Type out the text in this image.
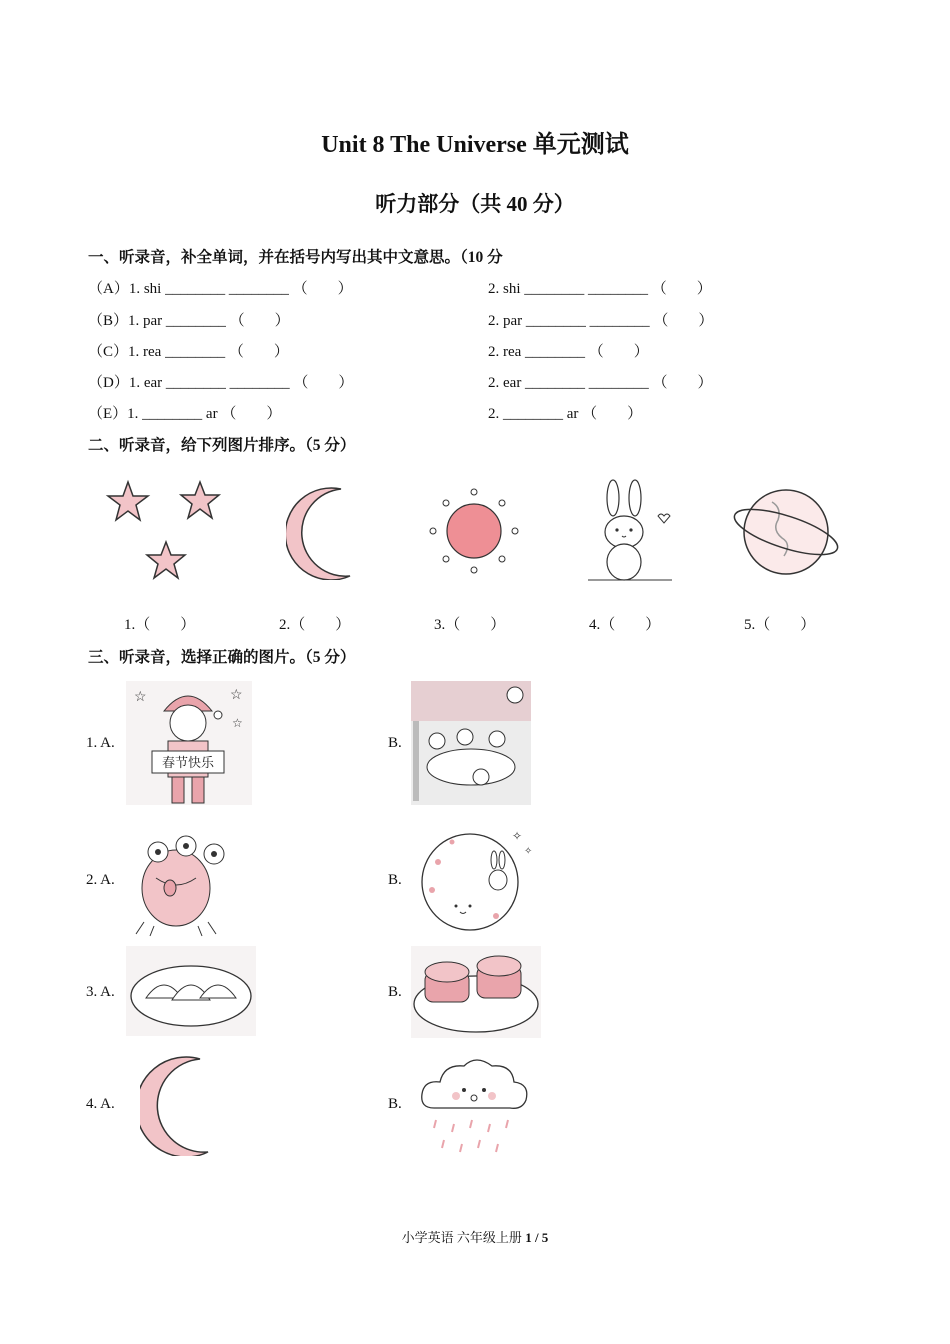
Unit 8 The Universe 单元测试
听力部分（共 40 分）
一、听录音，补全单词，并在括号内写出其中文意思。（10 分
（A）1. shi ________ ________ （        ）	2. shi ________ ________ （        ）
（B）1. par ________ （        ）	2. par ________ ________ （        ）
（C）1. rea ________ （        ）	2. rea ________ （        ）
（D）1. ear ________ ________ （        ）	2. ear ________ ________ （        ）
（E）1. ________ ar （        ）	2. ________ ar （        ）
二、听录音，给下列图片排序。（5 分）
1.（        ）	2.（        ）	3.（        ）	4.（        ）	5.（        ）
三、听录音，选择正确的图片。（5 分）
1. A.
春节快乐
☆	☆
☆
B.
2. A.	B.
✧
✧
3. A.	B.
4. A.	B.
小学英语 六年级上册 1 / 5
